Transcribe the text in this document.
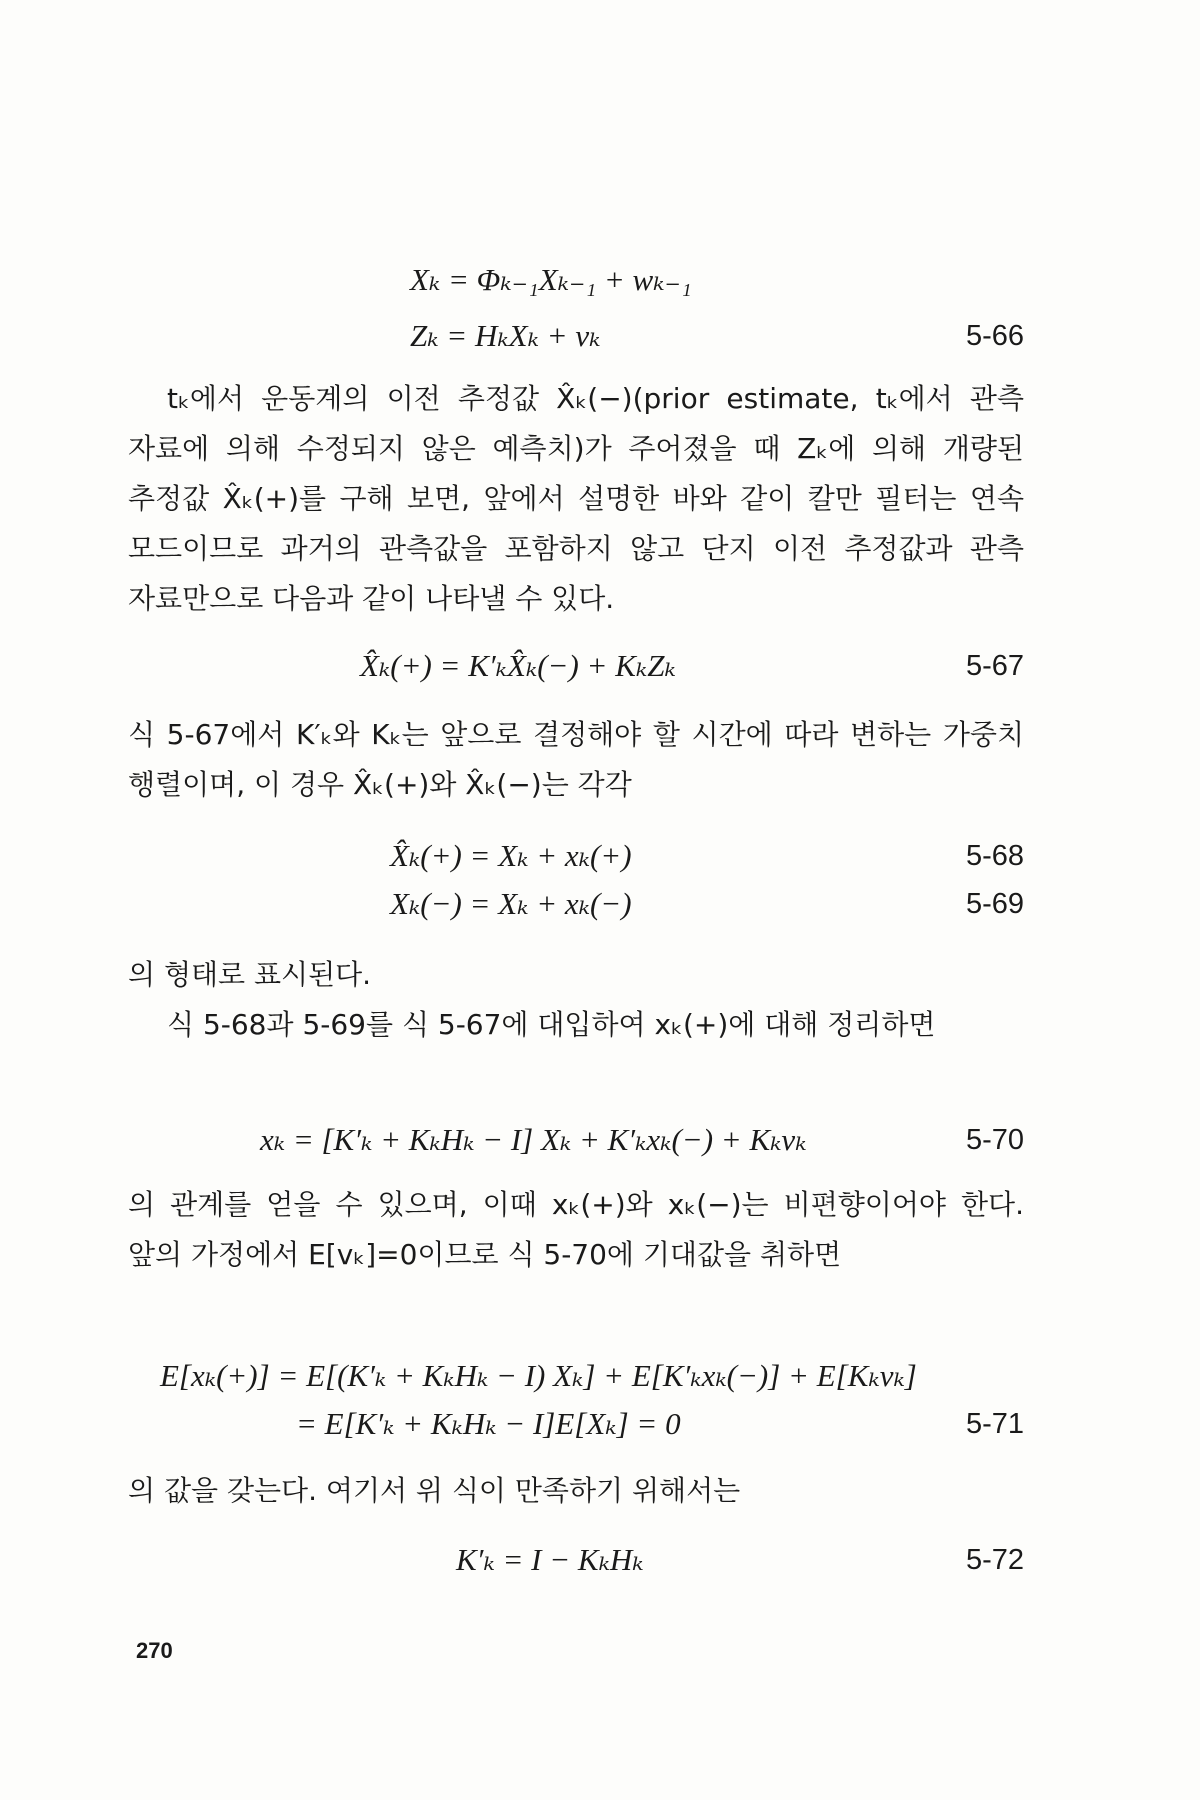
Xₖ = Φₖ₋₁Xₖ₋₁ + wₖ₋₁
Zₖ = HₖXₖ + vₖ	5-66

tₖ에서 운동계의 이전 추정값 X̂ₖ(−)(prior estimate, tₖ에서 관측 자료에 의해 수정되지 않은 예측치)가 주어졌을 때 Zₖ에 의해 개량된 추정값 X̂ₖ(+)를 구해 보면, 앞에서 설명한 바와 같이 칼만 필터는 연속 모드이므로 과거의 관측값을 포함하지 않고 단지 이전 추정값과 관측 자료만으로 다음과 같이 나타낼 수 있다.

X̂ₖ(+) = K′ₖX̂ₖ(−) + KₖZₖ	5-67

식 5-67에서 K′ₖ와 Kₖ는 앞으로 결정해야 할 시간에 따라 변하는 가중치 행렬이며, 이 경우 X̂ₖ(+)와 X̂ₖ(−)는 각각

X̂ₖ(+) = Xₖ + xₖ(+)	5-68
Xₖ(−) = Xₖ + xₖ(−)	5-69

의 형태로 표시된다.

식 5-68과 5-69를 식 5-67에 대입하여 xₖ(+)에 대해 정리하면

xₖ = [K′ₖ + KₖHₖ − I] Xₖ + K′ₖxₖ(−) + Kₖvₖ	5-70

의 관계를 얻을 수 있으며, 이때 xₖ(+)와 xₖ(−)는 비편향이어야 한다. 앞의 가정에서 E[vₖ]=0이므로 식 5-70에 기대값을 취하면

E[xₖ(+)] = E[(K′ₖ + KₖHₖ − I) Xₖ] + E[K′ₖxₖ(−)] + E[Kₖvₖ]
= E[K′ₖ + KₖHₖ − I]E[Xₖ] = 0	5-71

의 값을 갖는다. 여기서 위 식이 만족하기 위해서는

K′ₖ = I − KₖHₖ	5-72
270
